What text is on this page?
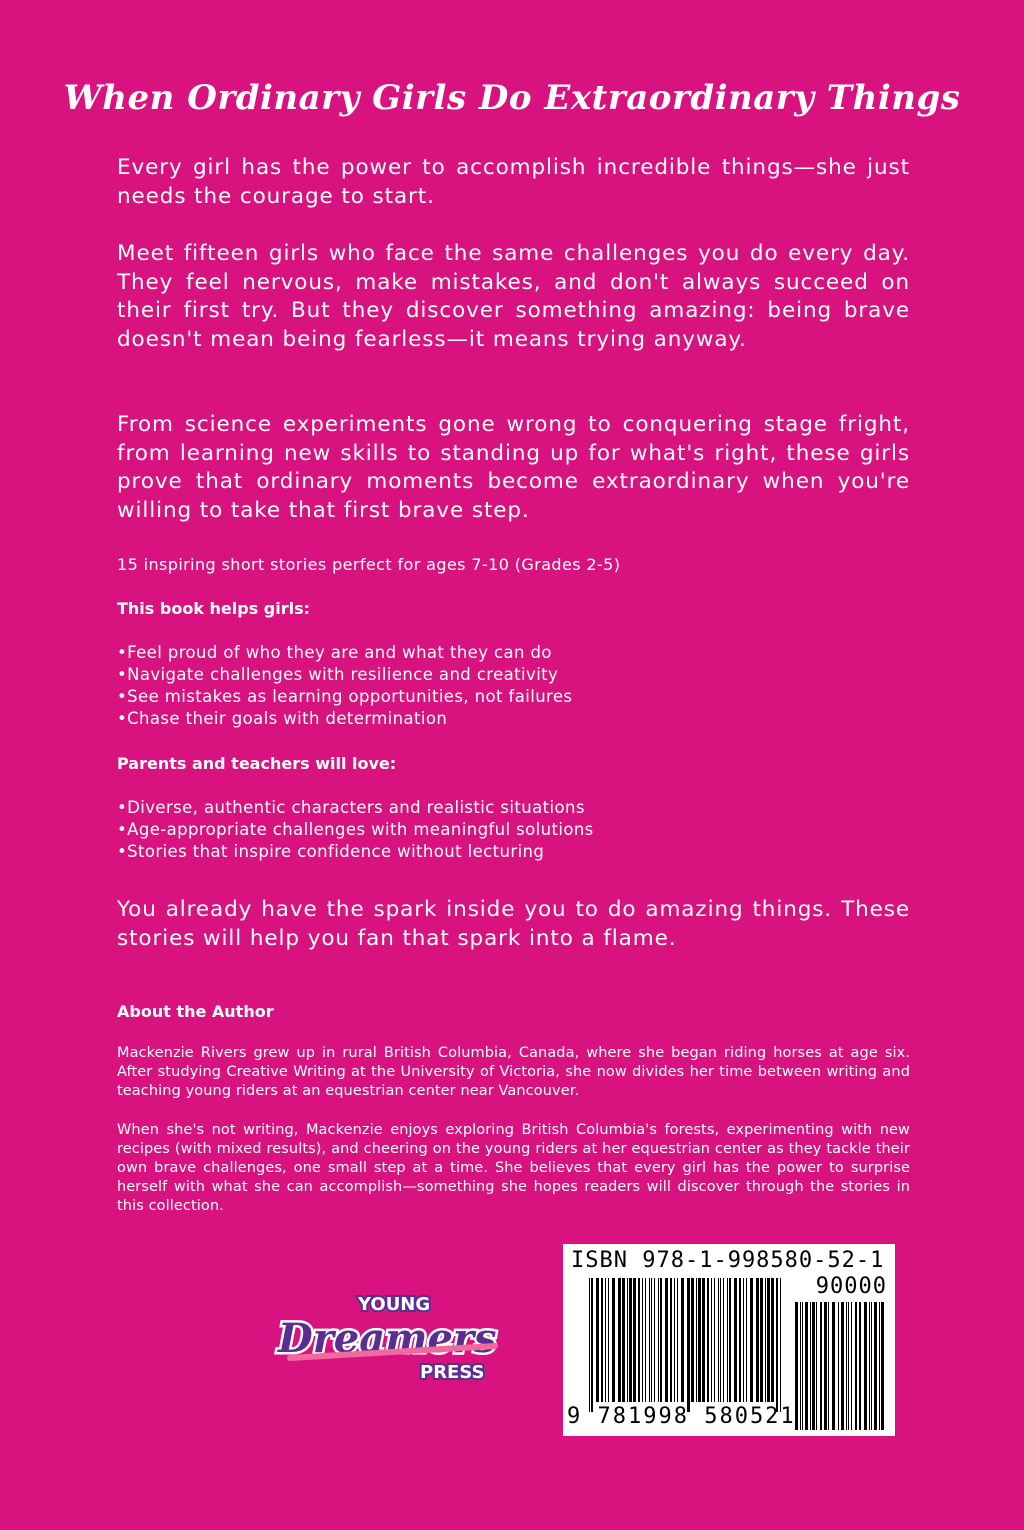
When Ordinary Girls Do Extraordinary Things

Every girl has the power to accomplish incredible things—she just needs the courage to start.

Meet fifteen girls who face the same challenges you do every day. They feel nervous, make mistakes, and don't always succeed on their first try. But they discover something amazing: being brave doesn't mean being fearless—it means trying anyway.

From science experiments gone wrong to conquering stage fright, from learning new skills to standing up for what's right, these girls prove that ordinary moments become extraordinary when you're willing to take that first brave step.

15 inspiring short stories perfect for ages 7-10 (Grades 2-5)

This book helps girls:

• Feel proud of who they are and what they can do
• Navigate challenges with resilience and creativity
• See mistakes as learning opportunities, not failures
• Chase their goals with determination

Parents and teachers will love:

• Diverse, authentic characters and realistic situations
• Age-appropriate challenges with meaningful solutions
• Stories that inspire confidence without lecturing

You already have the spark inside you to do amazing things. These stories will help you fan that spark into a flame.

About the Author

Mackenzie Rivers grew up in rural British Columbia, Canada, where she began riding horses at age six. After studying Creative Writing at the University of Victoria, she now divides her time between writing and teaching young riders at an equestrian center near Vancouver.

When she's not writing, Mackenzie enjoys exploring British Columbia's forests, experimenting with new recipes (with mixed results), and cheering on the young riders at her equestrian center as they tackle their own brave challenges, one small step at a time. She believes that every girl has the power to surprise herself with what she can accomplish—something she hopes readers will discover through the stories in this collection.

YOUNG
Dreamers
PRESS
ISBN 978-1-998580-52-1
90000
9 781998 580521
